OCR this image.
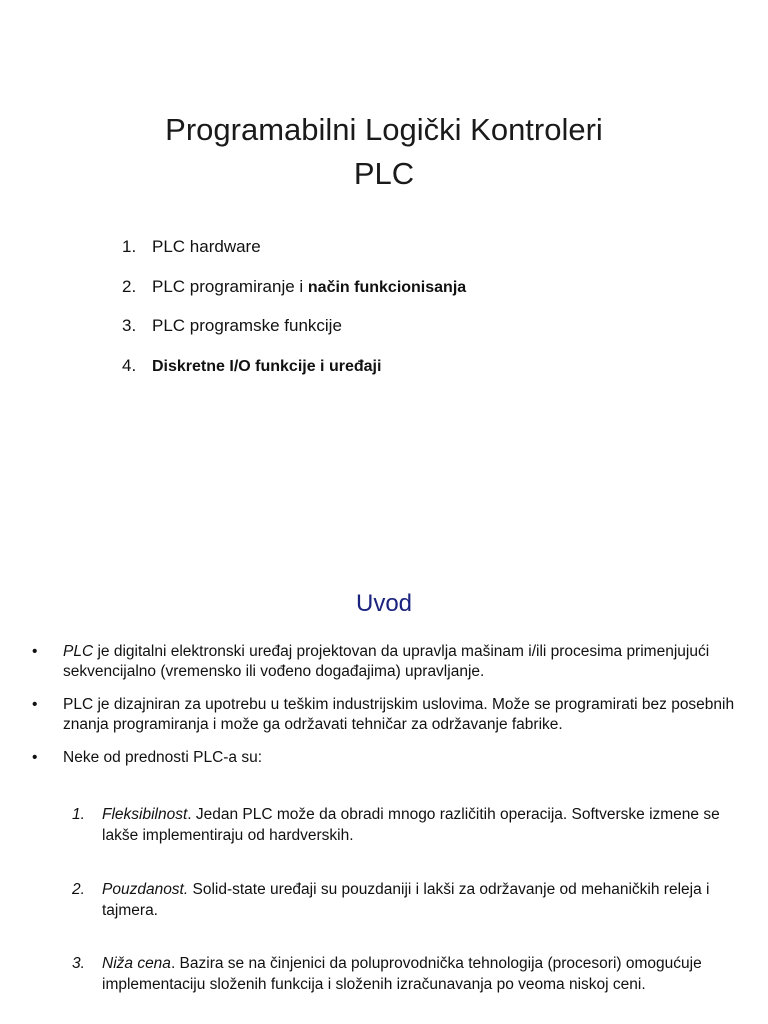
Programabilni Logički Kontroleri
PLC
1. PLC hardware
2. PLC programiranje i način funkcionisanja
3. PLC programske funkcije
4. Diskretne I/O funkcije i uređaji
Uvod
• PLC je digitalni elektronski uređaj projektovan da upravlja mašinam i/ili procesima primenjujući sekvencijalno (vremensko ili vođeno događajima) upravljanje.
• PLC je dizajniran za upotrebu u teškim industrijskim uslovima. Može se programirati bez posebnih znanja programiranja i može ga održavati tehničar za održavanje fabrike.
• Neke od prednosti PLC-a su:
1. Fleksibilnost. Jedan PLC može da obradi mnogo različitih operacija. Softverske izmene se lakše implementiraju od hardverskih.
2. Pouzdanost. Solid-state uređaji su pouzdaniji i lakši za održavanje od mehaničkih releja i tajmera.
3. Niža cena. Bazira se na činjenici da poluprovodnička tehnologija (procesori) omogućuje implementaciju složenih funkcija i složenih izračunavanja po veoma niskoj ceni.
